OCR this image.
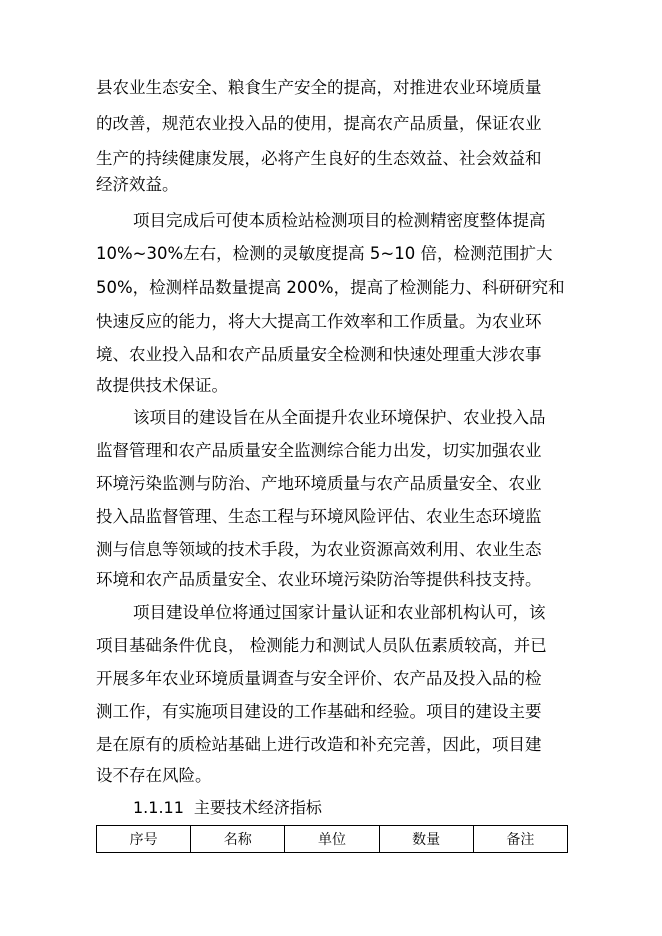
县农业生态安全、粮食生产安全的提高，对推进农业环境质量
的改善，规范农业投入品的使用，提高农产品质量，保证农业
生产的持续健康发展，必将产生良好的生态效益、社会效益和
经济效益。
项目完成后可使本质检站检测项目的检测精密度整体提高
10%~30%左右，检测的灵敏度提高 5~10 倍，检测范围扩大
50%，检测样品数量提高 200%，提高了检测能力、科研研究和
快速反应的能力，将大大提高工作效率和工作质量。为农业环
境、农业投入品和农产品质量安全检测和快速处理重大涉农事
故提供技术保证。
该项目的建设旨在从全面提升农业环境保护、农业投入品
监督管理和农产品质量安全监测综合能力出发，切实加强农业
环境污染监测与防治、产地环境质量与农产品质量安全、农业
投入品监督管理、生态工程与环境风险评估、农业生态环境监
测与信息等领域的技术手段，为农业资源高效利用、农业生态
环境和农产品质量安全、农业环境污染防治等提供科技支持。
项目建设单位将通过国家计量认证和农业部机构认可，该
项目基础条件优良， 检测能力和测试人员队伍素质较高，并已
开展多年农业环境质量调查与安全评价、农产品及投入品的检
测工作，有实施项目建设的工作基础和经验。项目的建设主要
是在原有的质检站基础上进行改造和补充完善，因此，项目建
设不存在风险。
1.1.11 主要技术经济指标
序号	名称	单位	数量	备注
